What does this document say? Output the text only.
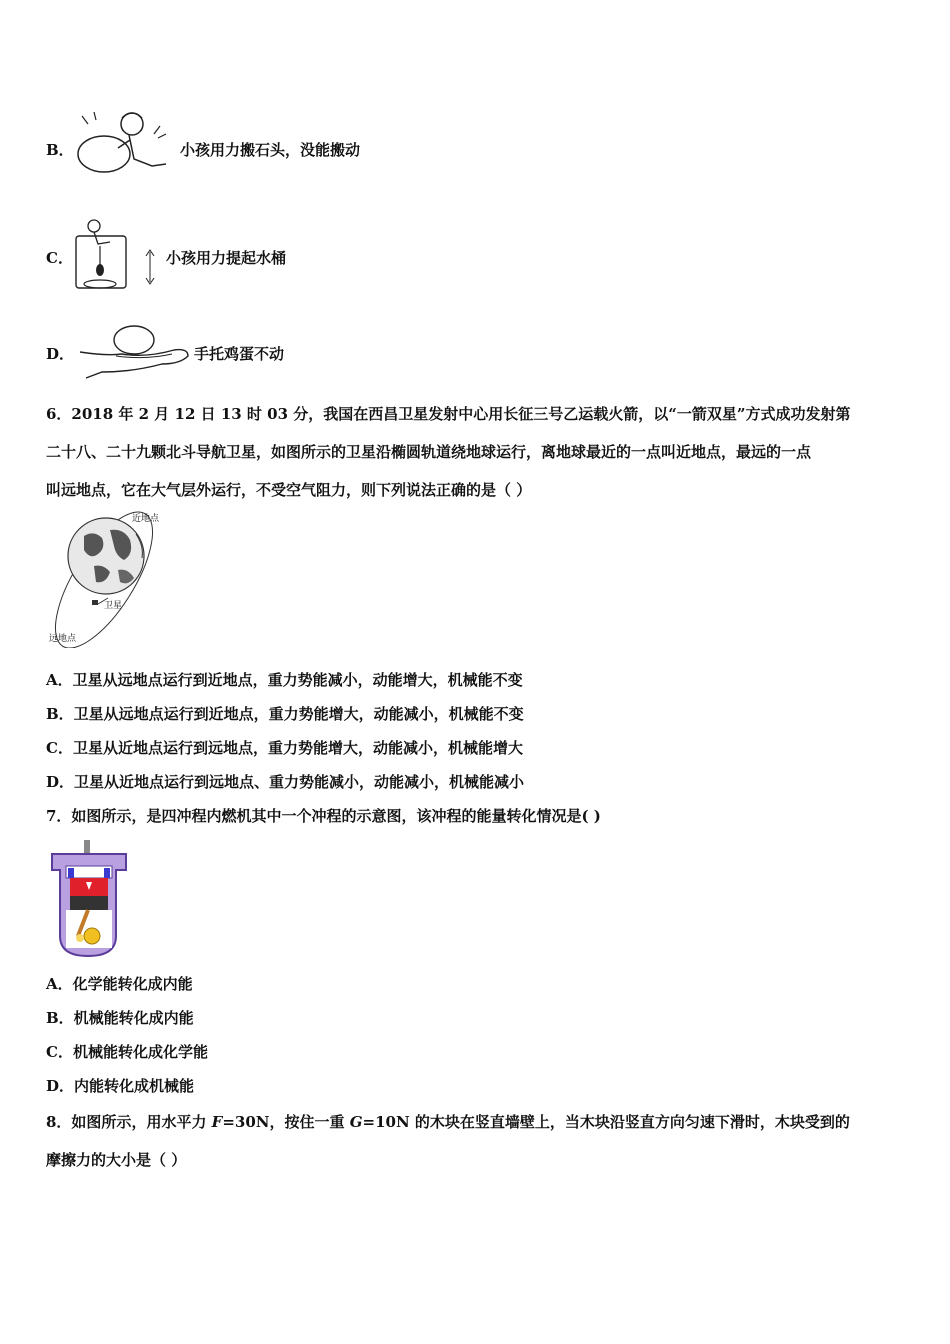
B．	小孩用力搬石头，没能搬动
C．	小孩用力提起水桶
D．	手托鸡蛋不动
6．2018 年 2 月 12 日 13 时 03 分，我国在西昌卫星发射中心用长征三号乙运载火箭，以“一箭双星”方式成功发射第
二十八、二十九颗北斗导航卫星，如图所示的卫星沿椭圆轨道绕地球运行，离地球最近的一点叫近地点，最远的一点
叫远地点，它在大气层外运行，不受空气阻力，则下列说法正确的是（ ）
近地点
卫星
远地点
A．卫星从远地点运行到近地点，重力势能减小，动能增大，机械能不变
B．卫星从远地点运行到近地点，重力势能增大，动能减小，机械能不变
C．卫星从近地点运行到远地点，重力势能增大，动能减小，机械能增大
D．卫星从近地点运行到远地点、重力势能减小，动能减小，机械能减小
7．如图所示，是四冲程内燃机其中一个冲程的示意图，该冲程的能量转化情况是( )
A．化学能转化成内能
B．机械能转化成内能
C．机械能转化成化学能
D．内能转化成机械能
8．如图所示，用水平力 F=30N，按住一重 G=10N 的木块在竖直墙壁上，当木块沿竖直方向匀速下滑时，木块受到的
摩擦力的大小是（ ）
